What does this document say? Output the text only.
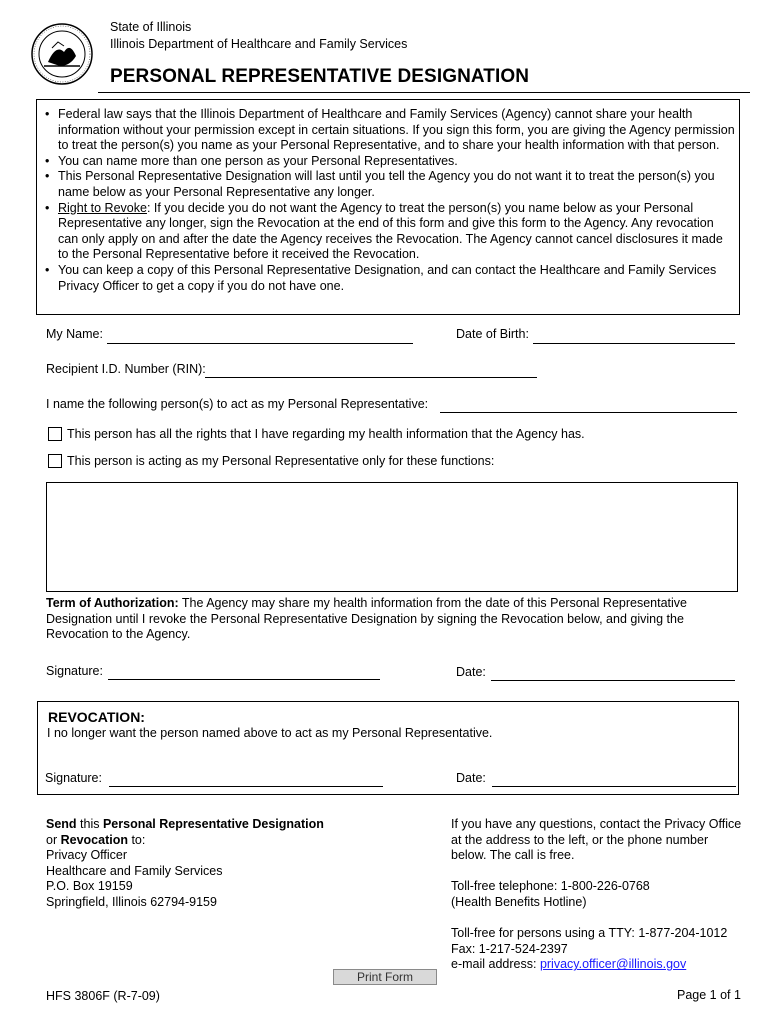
State of Illinois
Illinois Department of Healthcare and Family Services
PERSONAL REPRESENTATIVE DESIGNATION
• Federal law says that the Illinois Department of Healthcare and Family Services (Agency) cannot share your health information without your permission except in certain situations. If you sign this form, you are giving the Agency permission to treat the person(s) you name as your Personal Representative, and to share your health information with that person.
• You can name more than one person as your Personal Representatives.
• This Personal Representative Designation will last until you tell the Agency you do not want it to treat the person(s) you name below as your Personal Representative any longer.
• Right to Revoke: If you decide you do not want the Agency to treat the person(s) you name below as your Personal Representative any longer, sign the Revocation at the end of this form and give this form to the Agency. Any revocation can only apply on and after the date the Agency receives the Revocation. The Agency cannot cancel disclosures it made to the Personal Representative before it received the Revocation.
• You can keep a copy of this Personal Representative Designation, and can contact the Healthcare and Family Services Privacy Officer to get a copy if you do not have one.
My Name:	Date of Birth:
Recipient I.D. Number (RIN):
I name the following person(s) to act as my Personal Representative:
This person has all the rights that I have regarding my health information that the Agency has.
This person is acting as my Personal Representative only for these functions:
Term of Authorization: The Agency may share my health information from the date of this Personal Representative Designation until I revoke the Personal Representative Designation by signing the Revocation below, and giving the Revocation to the Agency.
Signature:	Date:
REVOCATION:
I no longer want the person named above to act as my Personal Representative.
Signature:	Date:
Send this Personal Representative Designation
or Revocation to:
Privacy Officer
Healthcare and Family Services
P.O. Box 19159
Springfield, Illinois 62794-9159
If you have any questions, contact the Privacy Office
at the address to the left, or the phone number
below. The call is free.
Toll-free telephone: 1-800-226-0768
(Health Benefits Hotline)
Toll-free for persons using a TTY: 1-877-204-1012
Fax: 1-217-524-2397
e-mail address: privacy.officer@illinois.gov
Print Form
HFS 3806F (R-7-09)	Page 1 of 1
